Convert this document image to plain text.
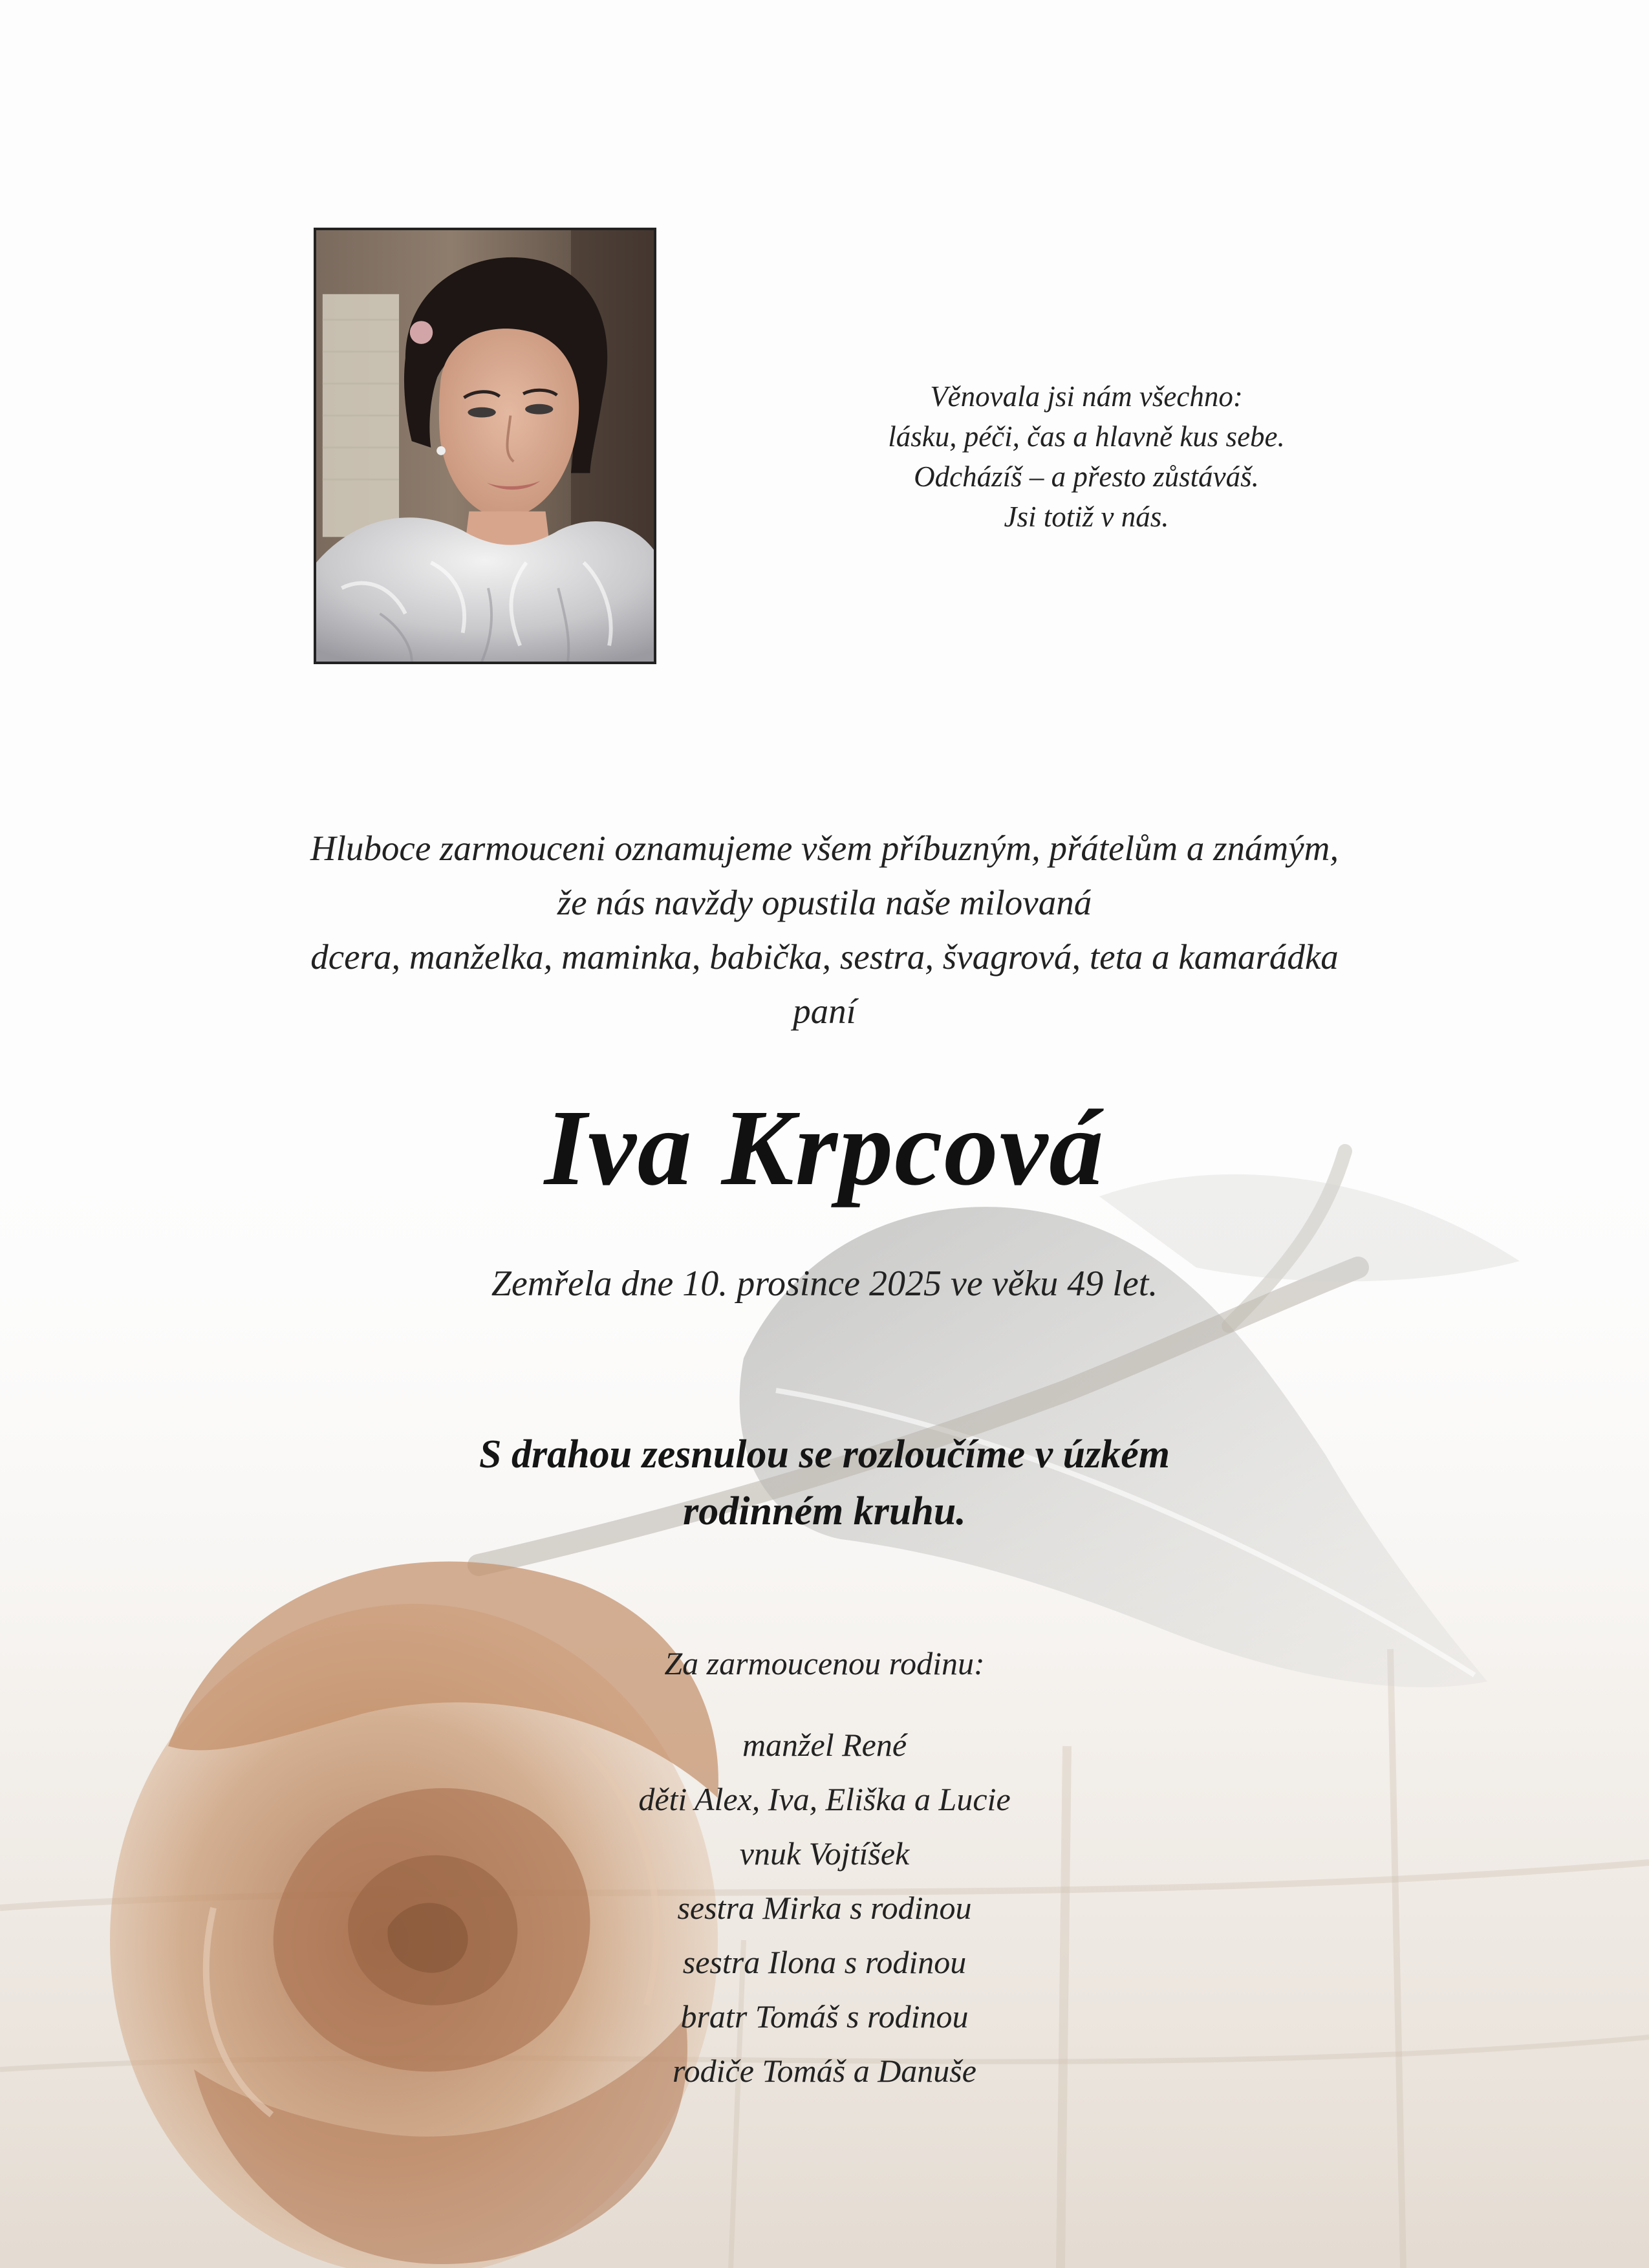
Věnovala jsi nám všechno:
lásku, péči, čas a hlavně kus sebe.
Odcházíš – a přesto zůstáváš.
Jsi totiž v nás.
Hluboce zarmouceni oznamujeme všem příbuzným, přátelům a známým,
že nás navždy opustila naše milovaná
dcera, manželka, maminka, babička, sestra, švagrová, teta a kamarádka
paní
Iva Krpcová
Zemřela dne 10. prosince 2025 ve věku 49 let.
S drahou zesnulou se rozloučíme v úzkém
rodinném kruhu.
Za zarmoucenou rodinu:
manžel René
děti Alex, Iva, Eliška a Lucie
vnuk Vojtíšek
sestra Mirka s rodinou
sestra Ilona s rodinou
bratr Tomáš s rodinou
rodiče Tomáš a Danuše
